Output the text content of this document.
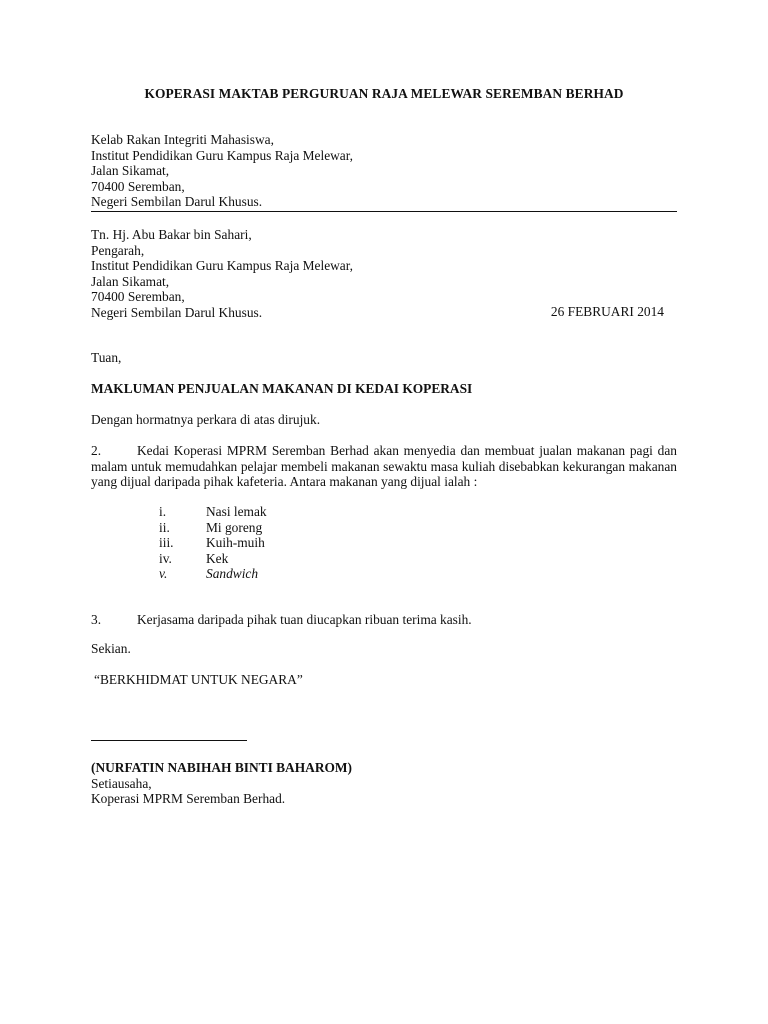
KOPERASI MAKTAB PERGURUAN RAJA MELEWAR SEREMBAN BERHAD
Kelab Rakan Integriti Mahasiswa,
Institut Pendidikan Guru Kampus Raja Melewar,
Jalan Sikamat,
70400 Seremban,
Negeri Sembilan Darul Khusus.
Tn. Hj. Abu Bakar bin Sahari,
Pengarah,
Institut Pendidikan Guru Kampus Raja Melewar,
Jalan Sikamat,
70400 Seremban,
Negeri Sembilan Darul Khusus.	26 FEBRUARI 2014
Tuan,
MAKLUMAN PENJUALAN MAKANAN DI KEDAI KOPERASI
Dengan hormatnya perkara di atas dirujuk.
2.	Kedai Koperasi MPRM Seremban Berhad akan menyedia dan membuat jualan makanan pagi dan malam untuk memudahkan pelajar membeli makanan sewaktu masa kuliah disebabkan kekurangan makanan yang dijual daripada pihak kafeteria. Antara makanan yang dijual ialah :
i.	Nasi lemak
ii.	Mi goreng
iii. Kuih-muih
iv.	Kek
v.	Sandwich
3.	Kerjasama daripada pihak tuan diucapkan ribuan terima kasih.
Sekian.
“BERKHIDMAT UNTUK NEGARA”
(NURFATIN NABIHAH BINTI BAHAROM)
Setiausaha,
Koperasi MPRM Seremban Berhad.
